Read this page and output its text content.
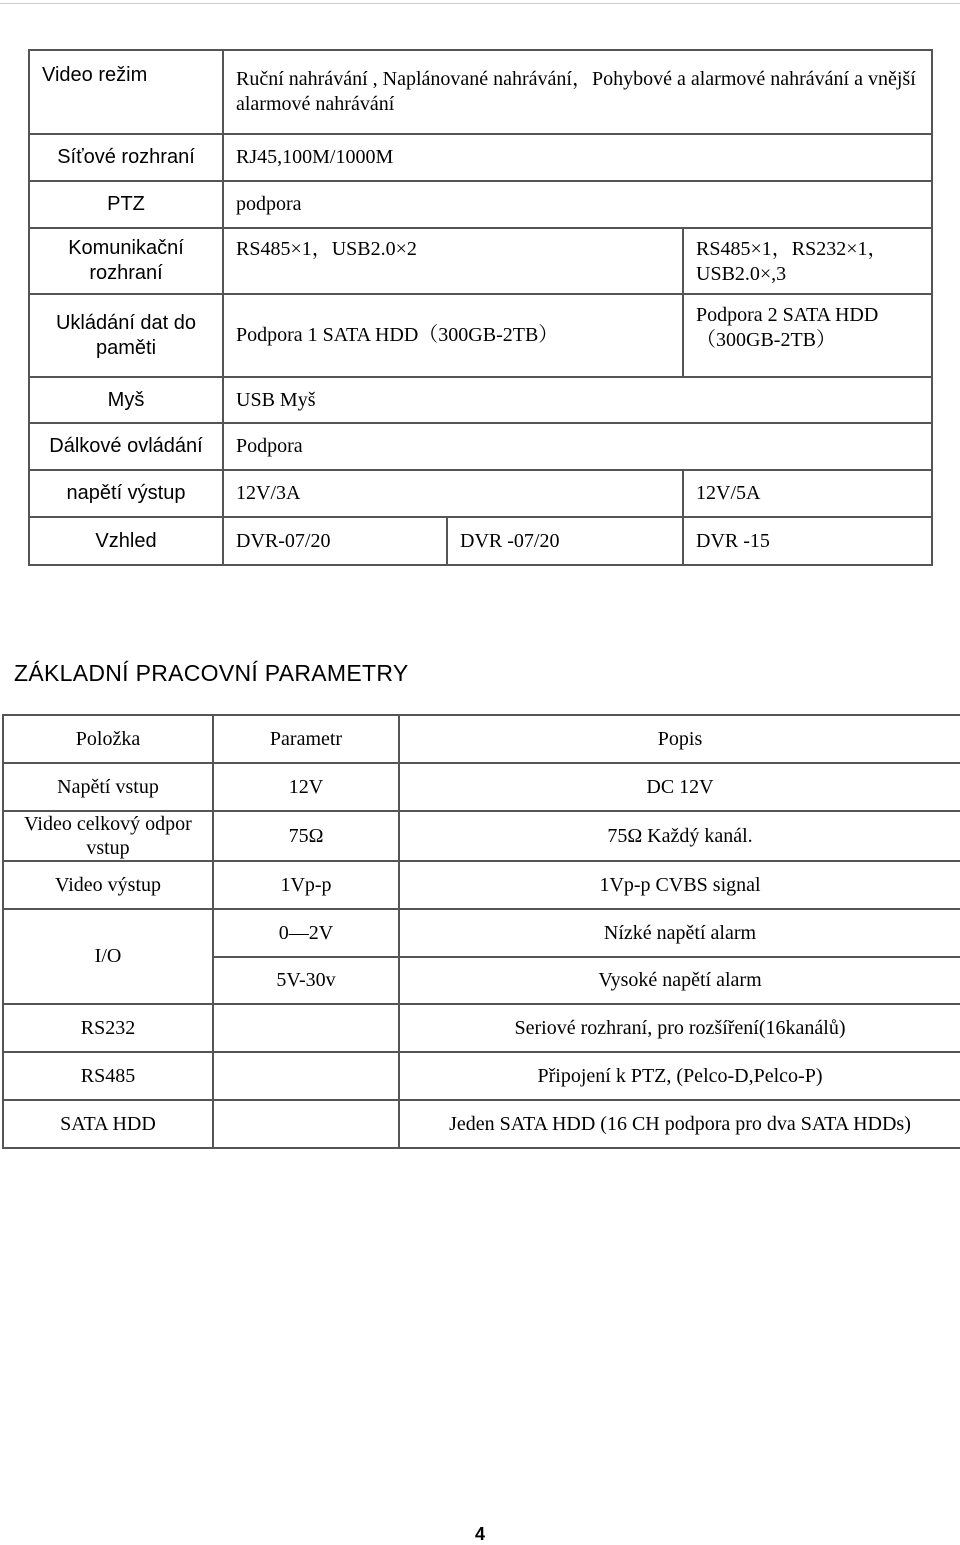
Video režim	Ruční nahrávání , Naplánované nahrávání，Pohybové a alarmové nahrávání a vnější alarmové nahrávání		
Síťové rozhraní	RJ45,100M/1000M		
PTZ	podpora		
Komunikační rozhraní	RS485×1，USB2.0×2		RS485×1，RS232×1，USB2.0×,3
Ukládání dat do paměti	Podpora 1 SATA HDD（300GB-2TB）		Podpora 2 SATA HDD（300GB-2TB）
Myš	USB Myš		
Dálkové ovládání	Podpora		
napětí výstup	12V/3A		12V/5A
Vzhled	DVR-07/20	DVR -07/20	DVR -15
ZÁKLADNÍ PRACOVNÍ PARAMETRY
Položka	Parametr	Popis
Napětí vstup	12V	DC 12V
Video celkový odpor vstup	75Ω	75Ω Každý kanál.
Video výstup	1Vp-p	1Vp-p CVBS signal
I/O	0—2V	Nízké napětí alarm
	5V-30v	Vysoké napětí alarm
RS232		Seriové rozhraní, pro rozšíření(16kanálů)
RS485		Připojení k PTZ, (Pelco-D,Pelco-P)
SATA HDD		Jeden SATA HDD (16 CH podpora pro dva SATA HDDs)
4
